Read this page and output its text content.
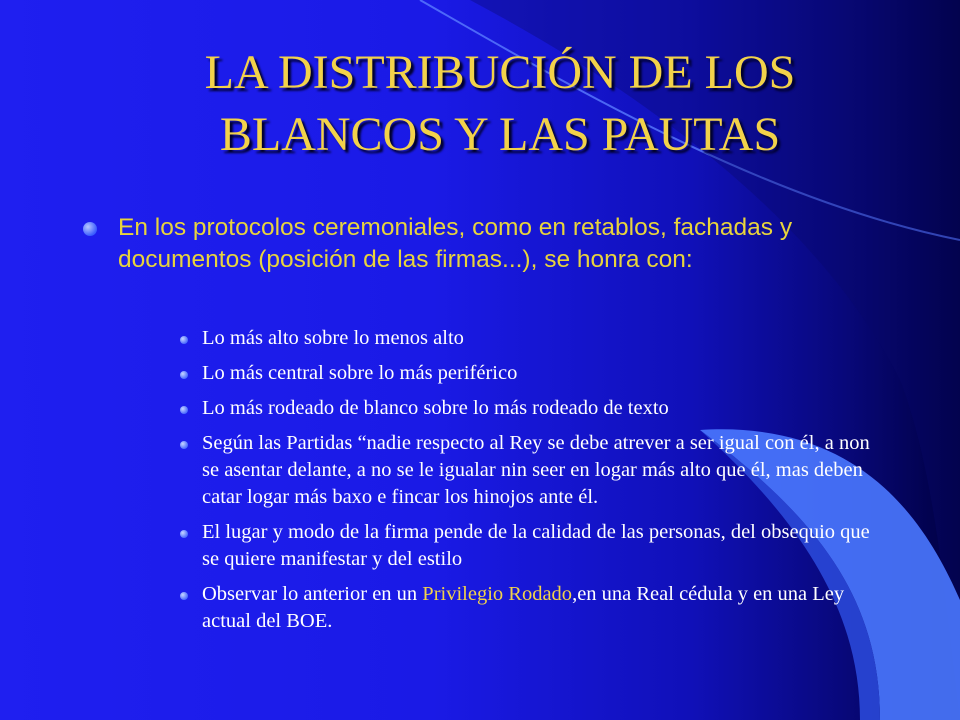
LA DISTRIBUCIÓN DE LOS BLANCOS Y LAS PAUTAS
En los protocolos ceremoniales, como en retablos, fachadas y documentos (posición de las firmas...), se honra con:
Lo más alto sobre lo menos alto
Lo más central sobre lo más periférico
Lo más rodeado de blanco sobre lo más rodeado de texto
Según las Partidas “nadie respecto al Rey se debe atrever a ser igual con él, a non se asentar delante, a no se le igualar nin seer en logar más alto que él, mas deben catar logar más baxo e fincar los hinojos ante él.
El lugar y modo de la firma pende de la calidad de las personas, del obsequio que se quiere manifestar y del estilo
Observar lo anterior en un Privilegio Rodado,en una Real cédula y en una Ley actual del BOE.
